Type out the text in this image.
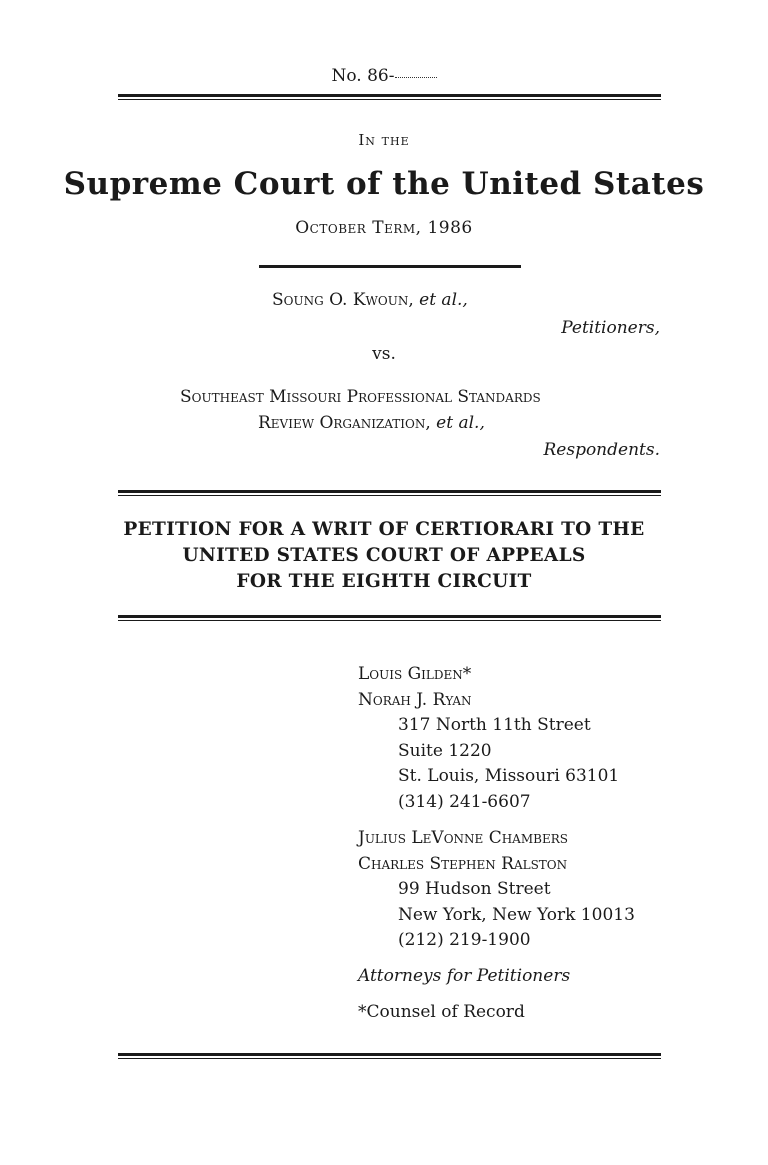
No. 86-
In the
Supreme Court of the United States
October Term, 1986
Soung O. Kwoun, et al.,
Petitioners,
vs.
Southeast Missouri Professional Standards
Review Organization, et al.,
Respondents.
PETITION FOR A WRIT OF CERTIORARI TO THE
UNITED STATES COURT OF APPEALS
FOR THE EIGHTH CIRCUIT
Louis Gilden*
Norah J. Ryan
317 North 11th Street
Suite 1220
St. Louis, Missouri 63101
(314) 241-6607
Julius LeVonne Chambers
Charles Stephen Ralston
99 Hudson Street
New York, New York 10013
(212) 219-1900
Attorneys for Petitioners
*Counsel of Record
